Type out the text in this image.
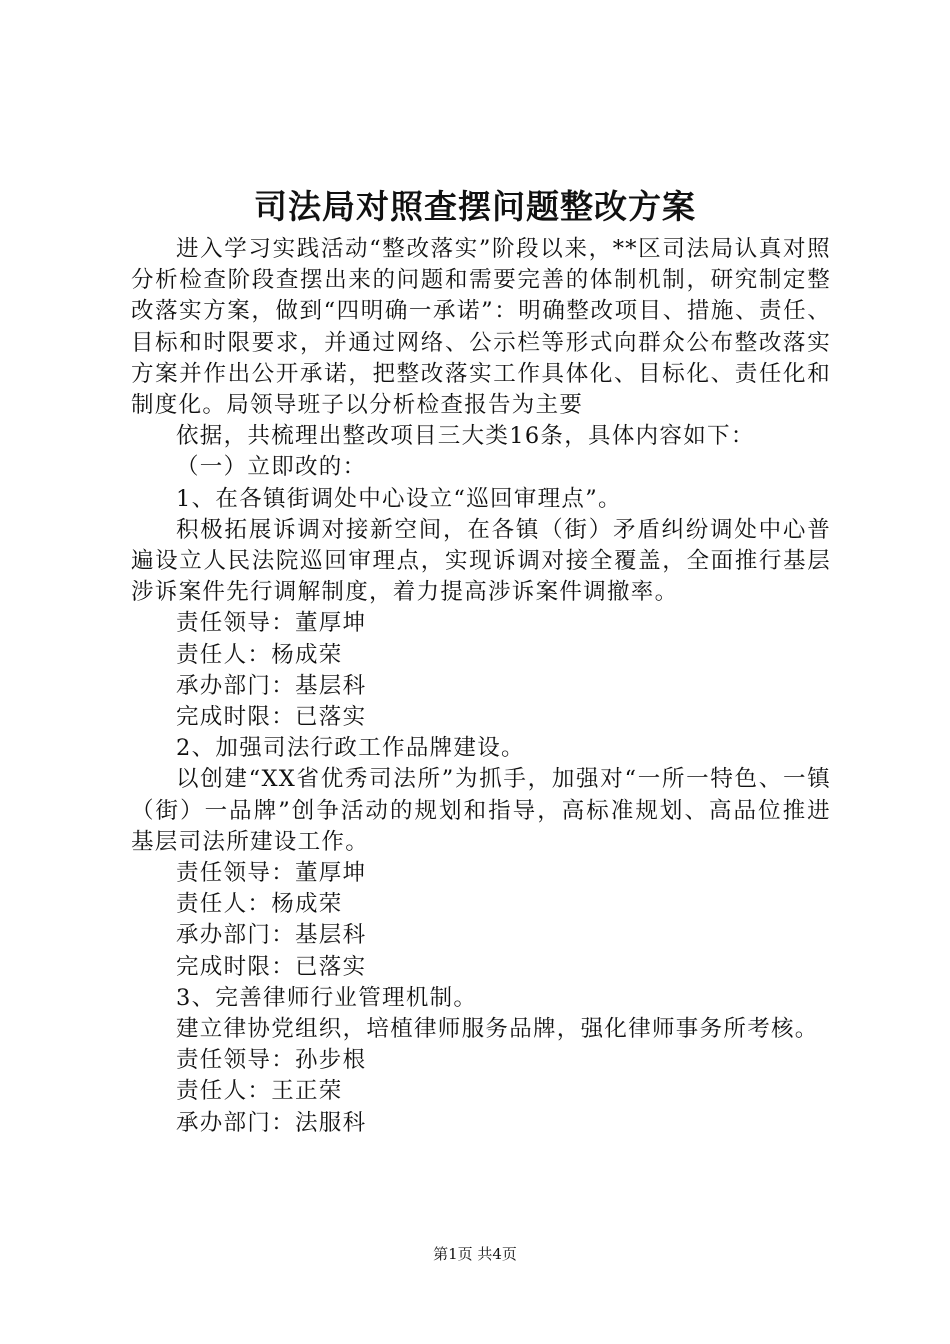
司法局对照查摆问题整改方案

进入学习实践活动“整改落实”阶段以来，**区司法局认真对照分析检查阶段查摆出来的问题和需要完善的体制机制，研究制定整改落实方案，做到“四明确一承诺”：明确整改项目、措施、责任、目标和时限要求，并通过网络、公示栏等形式向群众公布整改落实方案并作出公开承诺，把整改落实工作具体化、目标化、责任化和制度化。局领导班子以分析检查报告为主要

依据，共梳理出整改项目三大类16条，具体内容如下：

（一）立即改的：

1、在各镇街调处中心设立“巡回审理点”。

积极拓展诉调对接新空间，在各镇（街）矛盾纠纷调处中心普遍设立人民法院巡回审理点，实现诉调对接全覆盖，全面推行基层涉诉案件先行调解制度，着力提高涉诉案件调撤率。

责任领导：董厚坤

责任人：杨成荣

承办部门：基层科

完成时限：已落实

2、加强司法行政工作品牌建设。

以创建“XX省优秀司法所”为抓手，加强对“一所一特色、一镇（街）一品牌”创争活动的规划和指导，高标准规划、高品位推进基层司法所建设工作。

责任领导：董厚坤

责任人：杨成荣

承办部门：基层科

完成时限：已落实

3、完善律师行业管理机制。

建立律协党组织，培植律师服务品牌，强化律师事务所考核。

责任领导：孙步根

责任人：王正荣

承办部门：法服科

第1页 共4页
